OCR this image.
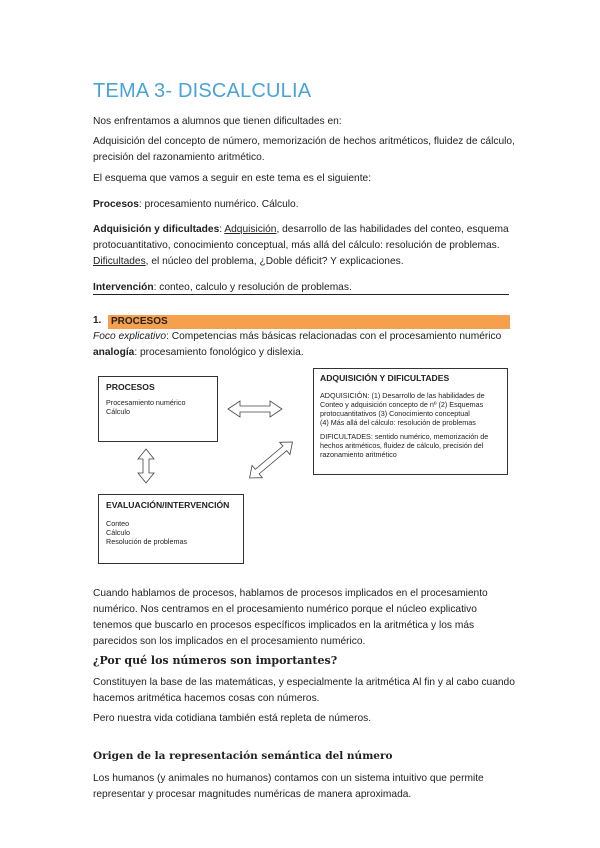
TEMA 3- DISCALCULIA
Nos enfrentamos a alumnos que tienen dificultades en:
Adquisición del concepto de número, memorización de hechos aritméticos, fluidez de cálculo, precisión del razonamiento aritmético.
El esquema que vamos a seguir en este tema es el siguiente:
Procesos: procesamiento numérico. Cálculo.
Adquisición y dificultades: Adquisición, desarrollo de las habilidades del conteo, esquema protocuantitativo, conocimiento conceptual, más allá del cálculo: resolución de problemas. Dificultades, el núcleo del problema, ¿Doble déficit? Y explicaciones.
Intervención: conteo, calculo y resolución de problemas.
1. PROCESOS
Foco explicativo: Competencias más básicas relacionadas con el procesamiento numérico analogía: procesamiento fonológico y dislexia.
PROCESOS
Procesamiento numérico
Cálculo
ADQUISICIÓN Y DIFICULTADES
ADQUISICIÓN: (1) Desarrollo de las habilidades de
Conteo y adquisición concepto de nº (2) Esquemas
protocuantitativos (3) Conocimiento conceptual
(4) Más allá del cálculo: resolución de problemas
DIFICULTADES: sentido numérico, memorización de
hechos aritméticos, fluidez de cálculo, precisión del
razonamiento aritmético
EVALUACIÓN/INTERVENCIÓN
Conteo
Cálculo
Resolución de problemas
Cuando hablamos de procesos, hablamos de procesos implicados en el procesamiento numérico. Nos centramos en el procesamiento numérico porque el núcleo explicativo tenemos que buscarlo en procesos específicos implicados en la aritmética y los más parecidos son los implicados en el procesamiento numérico.
¿Por qué los números son importantes?
Constituyen la base de las matemáticas, y especialmente la aritmética Al fin y al cabo cuando hacemos aritmética hacemos cosas con números.
Pero nuestra vida cotidiana también está repleta de números.
Origen de la representación semántica del número
Los humanos (y animales no humanos) contamos con un sistema intuitivo que permite representar y procesar magnitudes numéricas de manera aproximada.
